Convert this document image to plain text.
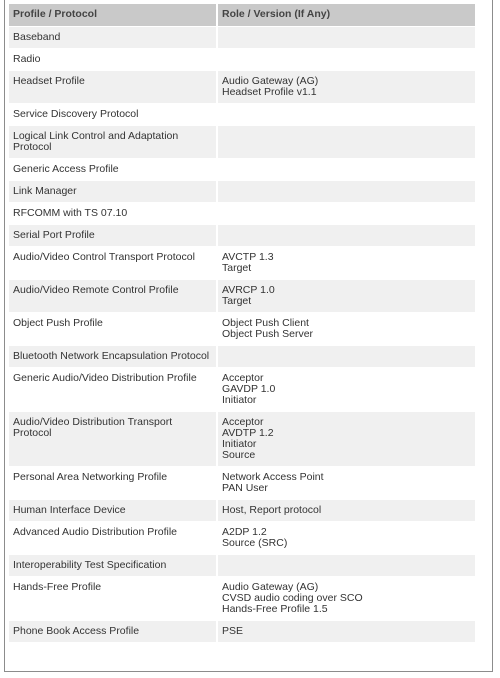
Profile / Protocol	Role / Version (If Any)
Baseband	
Radio	
Headset Profile	Audio Gateway (AG)
Headset Profile v1.1

Service Discovery Protocol	
Logical Link Control and Adaptation Protocol	
Generic Access Profile	
Link Manager	
RFCOMM with TS 07.10	
Serial Port Profile	
Audio/Video Control Transport Protocol	AVCTP 1.3
Target

Audio/Video Remote Control Profile	AVRCP 1.0
Target

Object Push Profile	Object Push Client
Object Push Server

Bluetooth Network Encapsulation Protocol	
Generic Audio/Video Distribution Profile	Acceptor
GAVDP 1.0
Initiator

Audio/Video Distribution Transport Protocol	Acceptor
AVDTP 1.2
Initiator
Source

Personal Area Networking Profile	Network Access Point
PAN User

Human Interface Device	Host, Report protocol

Advanced Audio Distribution Profile	A2DP 1.2
Source (SRC)

Interoperability Test Specification	
Hands-Free Profile	Audio Gateway (AG)
CVSD audio coding over SCO
Hands-Free Profile 1.5

Phone Book Access Profile	PSE
